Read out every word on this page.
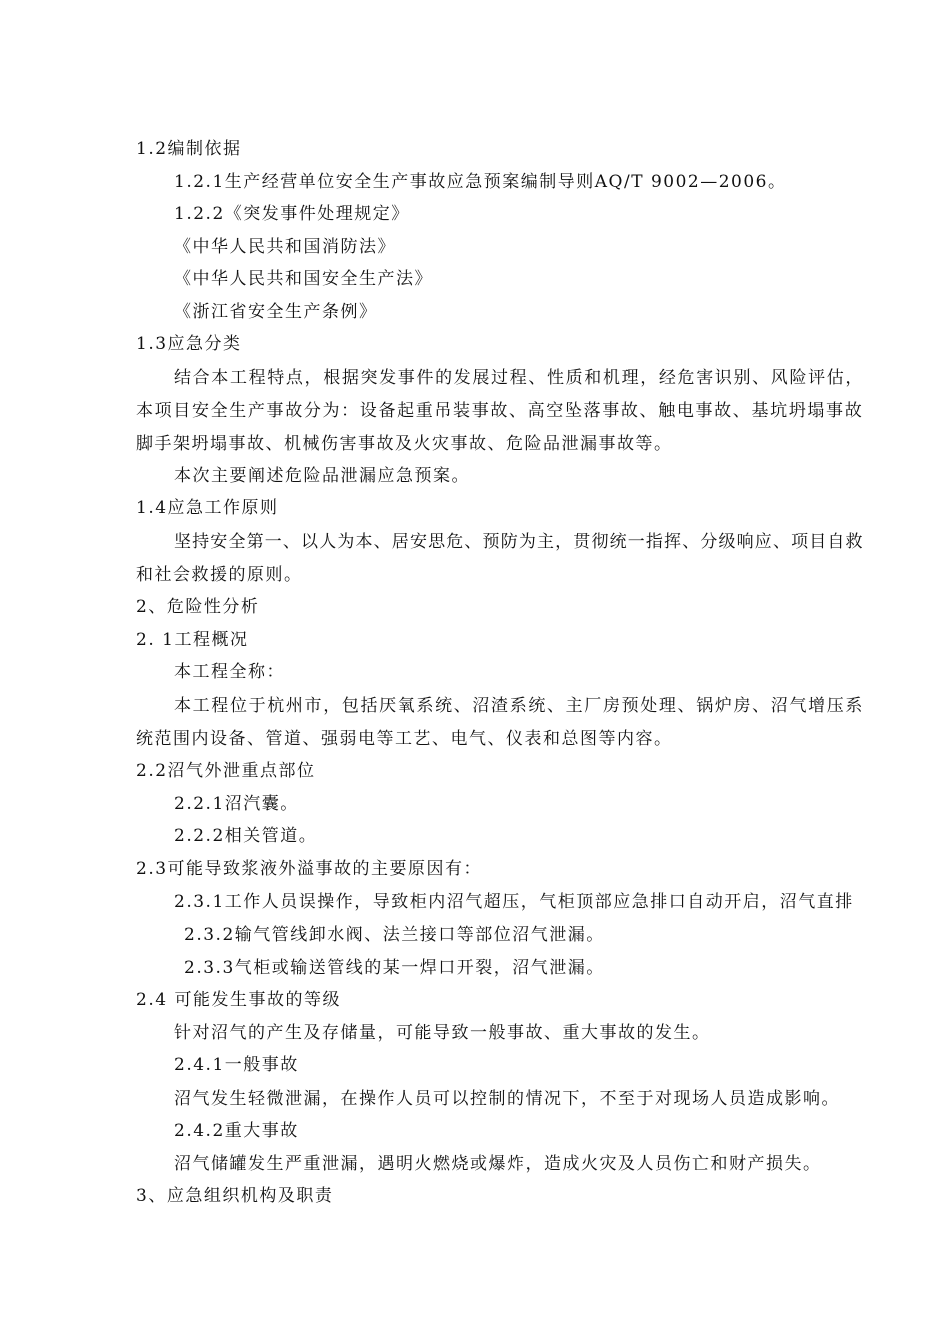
1.2编制依据
1.2.1生产经营单位安全生产事故应急预案编制导则AQ/T 9002—2006。
1.2.2《突发事件处理规定》
《中华人民共和国消防法》
《中华人民共和国安全生产法》
《浙江省安全生产条例》
1.3应急分类
结合本工程特点，根据突发事件的发展过程、性质和机理，经危害识别、风险评估，
本项目安全生产事故分为：设备起重吊装事故、高空坠落事故、触电事故、基坑坍塌事故
脚手架坍塌事故、机械伤害事故及火灾事故、危险品泄漏事故等。
本次主要阐述危险品泄漏应急预案。
1.4应急工作原则
坚持安全第一、以人为本、居安思危、预防为主，贯彻统一指挥、分级响应、项目自救
和社会救援的原则。
2、危险性分析
2. 1工程概况
本工程全称：
本工程位于杭州市，包括厌氧系统、沼渣系统、主厂房预处理、锅炉房、沼气增压系
统范围内设备、管道、强弱电等工艺、电气、仪表和总图等内容。
2.2沼气外泄重点部位
2.2.1沼汽囊。
2.2.2相关管道。
2.3可能导致浆液外溢事故的主要原因有：
2.3.1工作人员误操作，导致柜内沼气超压，气柜顶部应急排口自动开启，沼气直排
2.3.2输气管线卸水阀、法兰接口等部位沼气泄漏。
2.3.3气柜或输送管线的某一焊口开裂，沼气泄漏。
2.4 可能发生事故的等级
针对沼气的产生及存储量，可能导致一般事故、重大事故的发生。
2.4.1一般事故
沼气发生轻微泄漏，在操作人员可以控制的情况下，不至于对现场人员造成影响。
2.4.2重大事故
沼气储罐发生严重泄漏，遇明火燃烧或爆炸，造成火灾及人员伤亡和财产损失。
3、应急组织机构及职责
